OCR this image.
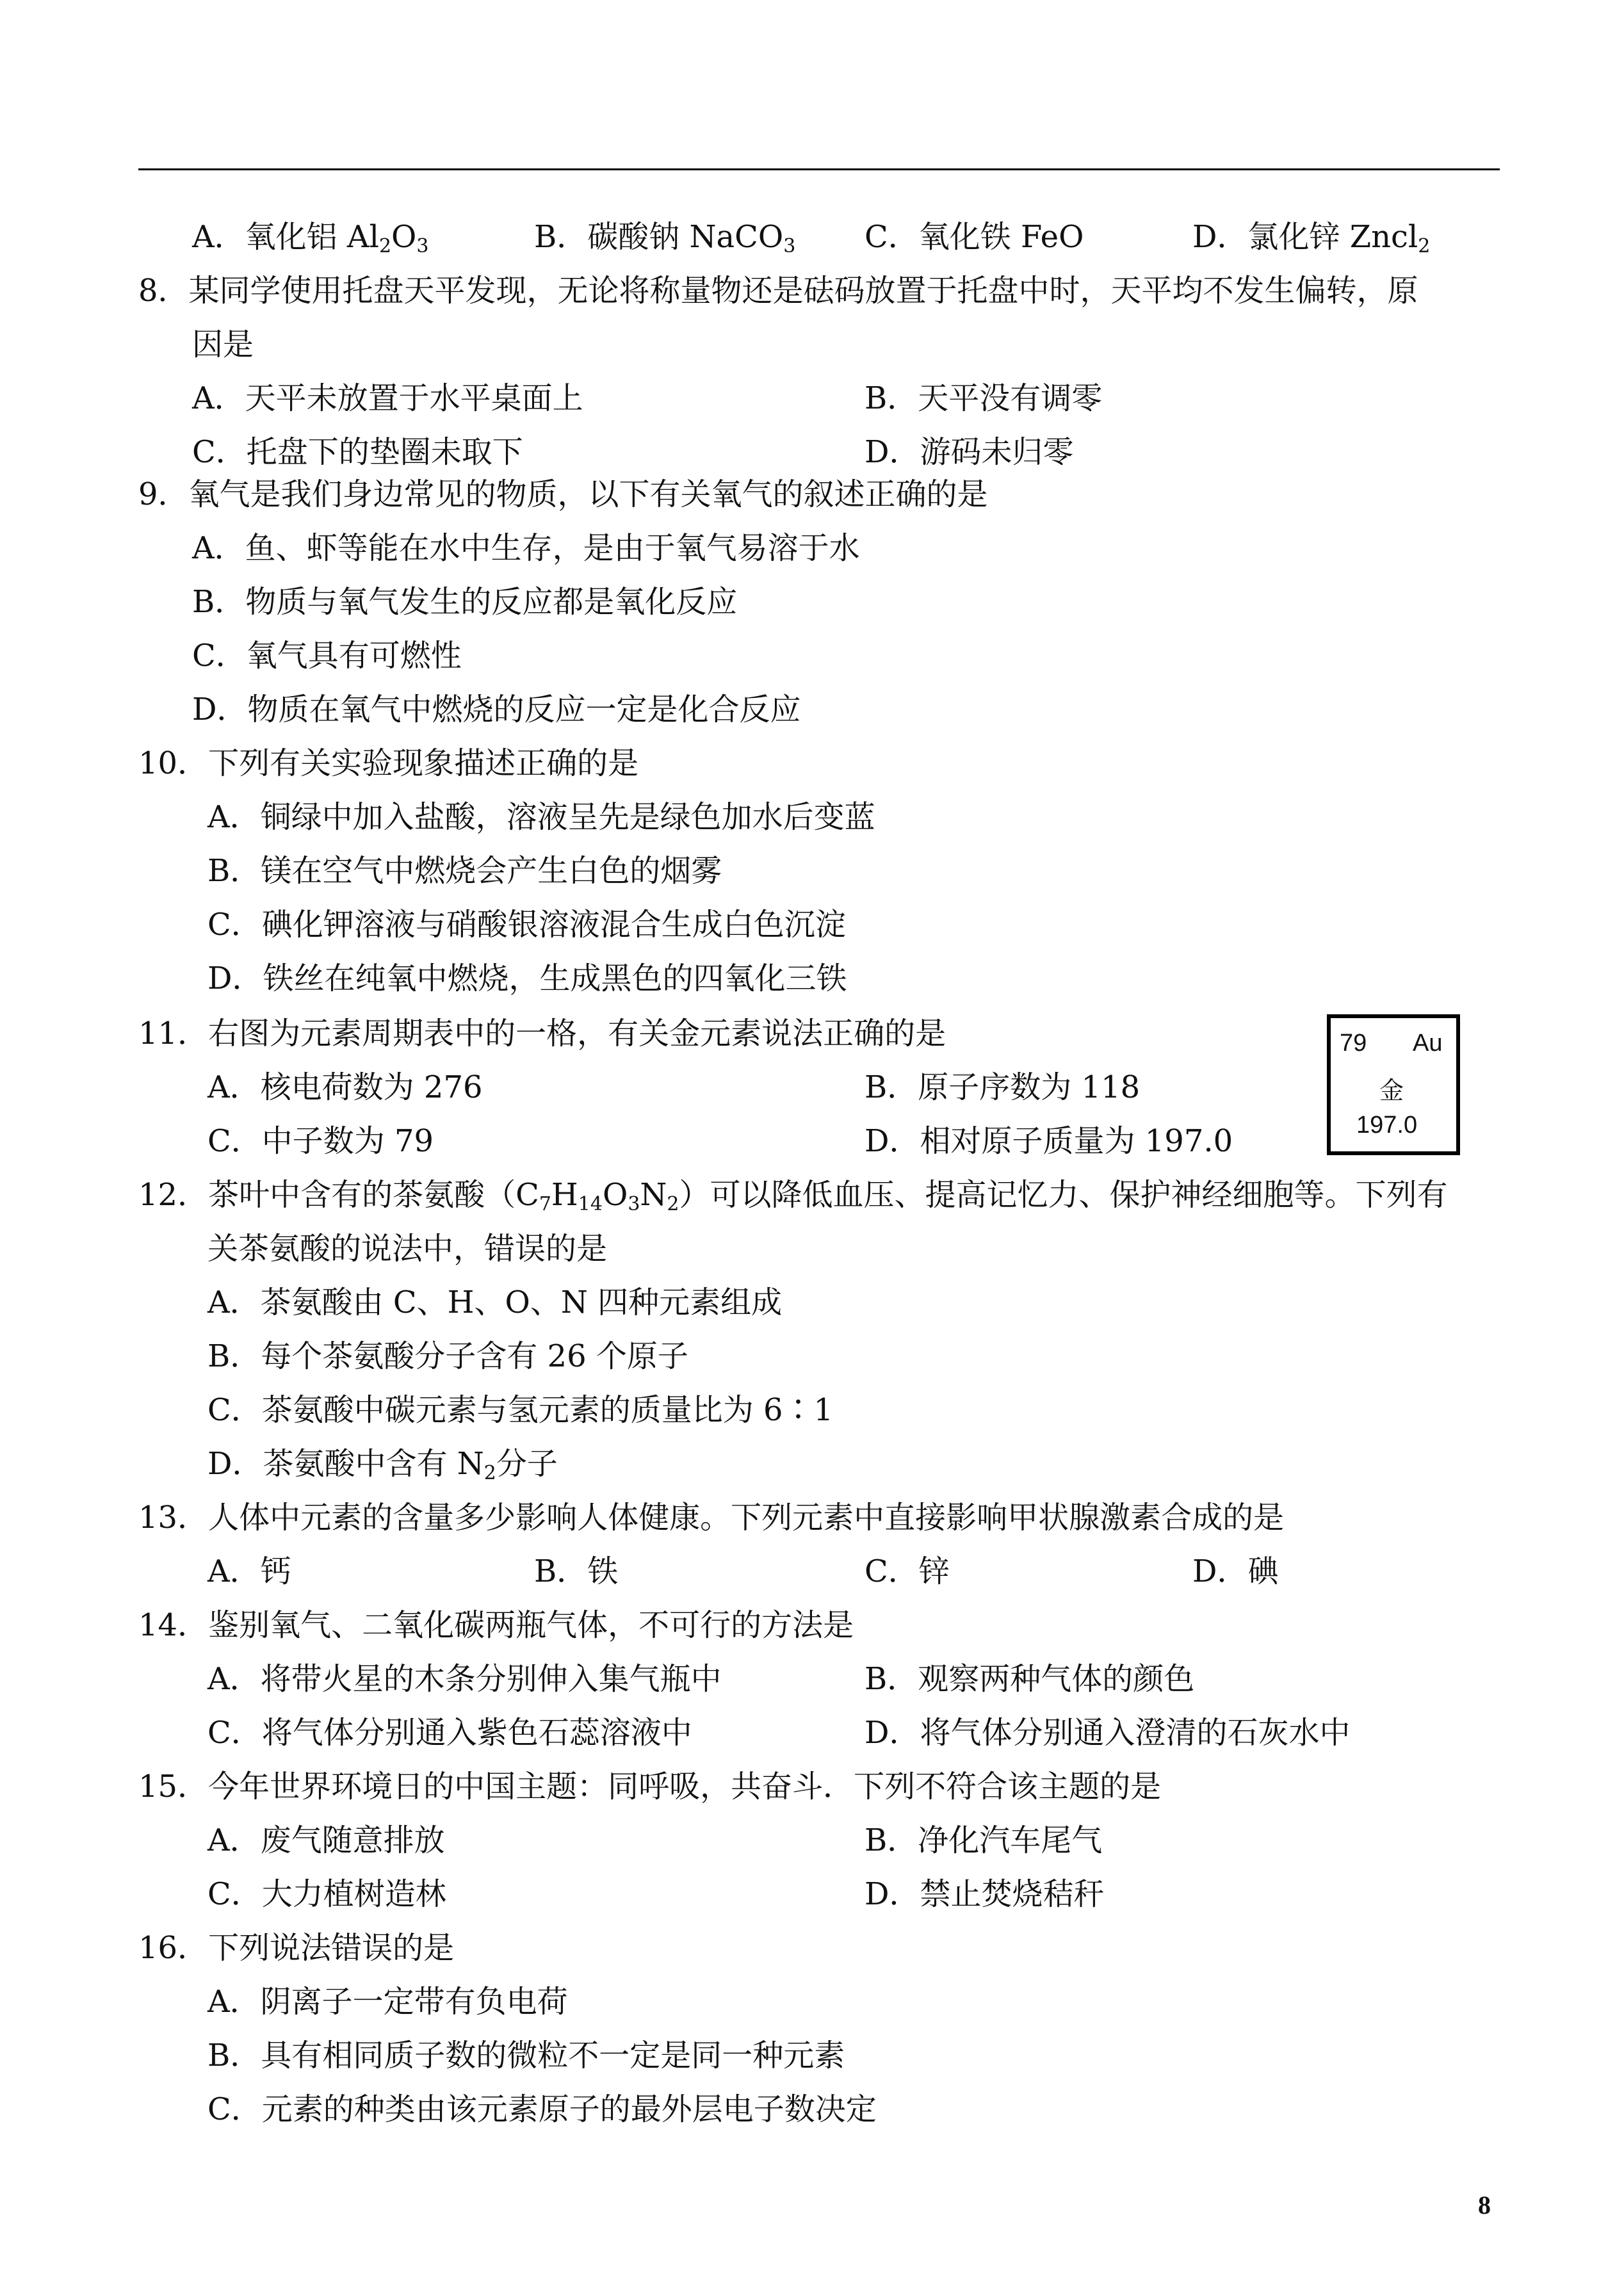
A．氧化铝 $Al_2O_3$	B．碳酸钠 NaCO$_3$ C．氧化铁 FeO	D．氯化锌 Zncl$_2$
8．某同学使用托盘天平发现，无论将称量物还是砝码放置于托盘中时，天平均不发生偏转，原
因是
A．天平未放置于水平桌面上	B．天平没有调零
C．托盘下的垫圈未取下	D．游码未归零
9．氧气是我们身边常见的物质，以下有关氧气的叙述正确的是
A．鱼、虾等能在水中生存，是由于氧气易溶于水
B．物质与氧气发生的反应都是氧化反应
C．氧气具有可燃性
D．物质在氧气中燃烧的反应一定是化合反应
10．下列有关实验现象描述正确的是
A．铜绿中加入盐酸，溶液呈先是绿色加水后变蓝
B．镁在空气中燃烧会产生白色的烟雾
C．碘化钾溶液与硝酸银溶液混合生成白色沉淀
D．铁丝在纯氧中燃烧，生成黑色的四氧化三铁
11．右图为元素周期表中的一格，有关金元素说法正确的是
A．核电荷数为 276	B．原子序数为 118
C．中子数为 79	D．相对原子质量为 197.0
79 Au
金
197.0
12．茶叶中含有的茶氨酸$(C_7H_{14}O_3N_2)$可以降低血压、提高记忆力、保护神经细胞等。下列有
关茶氨酸的说法中，错误的是
A．茶氨酸由 C、H、O、N 四种元素组成
B．每个茶氨酸分子含有 26 个原子
C．茶氨酸中碳元素与氢元素的质量比为 6∶1
D．茶氨酸中含有 $N_2$分子
13．人体中元素的含量多少影响人体健康。下列元素中直接影响甲状腺激素合成的是
A．钙	B．铁	C．锌	D．碘
14．鉴别氧气、二氧化碳两瓶气体，不可行的方法是
A．将带火星的木条分别伸入集气瓶中	B．观察两种气体的颜色
C．将气体分别通入紫色石蕊溶液中	D．将气体分别通入澄清的石灰水中
15．今年世界环境日的中国主题：同呼吸，共奋斗．下列不符合该主题的是
A．废气随意排放	B．净化汽车尾气
C．大力植树造林	D．禁止焚烧秸秆
16．下列说法错误的是
A．阴离子一定带有负电荷
B．具有相同质子数的微粒不一定是同一种元素
C．元素的种类由该元素原子的最外层电子数决定
8
